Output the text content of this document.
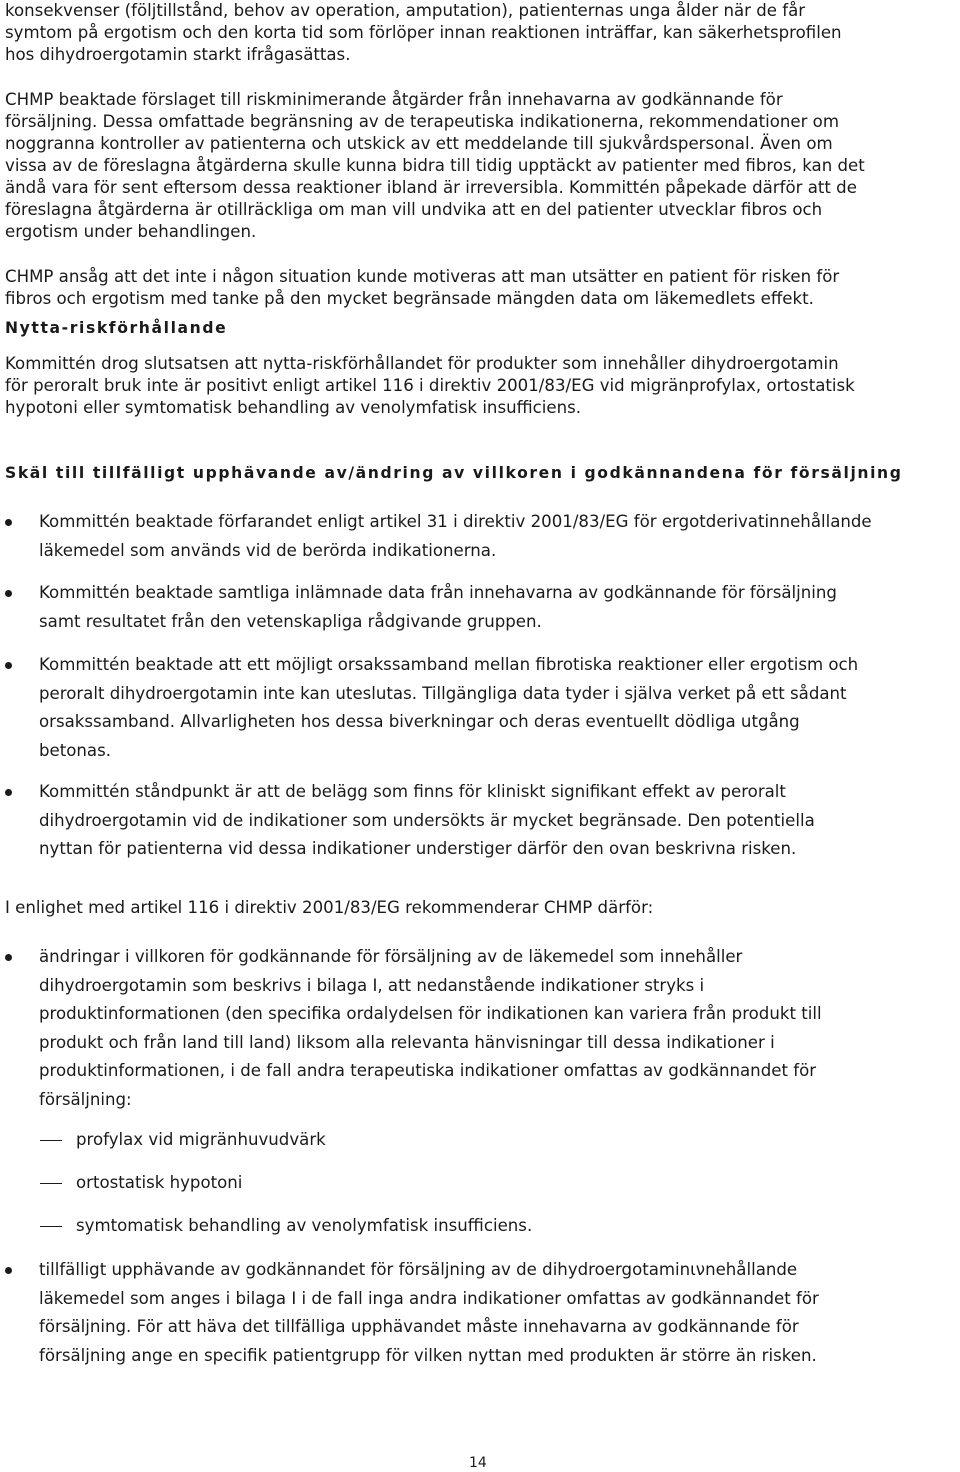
konsekvenser (följtillstånd, behov av operation, amputation), patienternas unga ålder när de får
symtom på ergotism och den korta tid som förlöper innan reaktionen inträffar, kan säkerhetsprofilen
hos dihydroergotamin starkt ifrågasättas.

CHMP beaktade förslaget till riskminimerande åtgärder från innehavarna av godkännande för
försäljning. Dessa omfattade begränsning av de terapeutiska indikationerna, rekommendationer om
noggranna kontroller av patienterna och utskick av ett meddelande till sjukvårdspersonal. Även om
vissa av de föreslagna åtgärderna skulle kunna bidra till tidig upptäckt av patienter med fibros, kan det
ändå vara för sent eftersom dessa reaktioner ibland är irreversibla. Kommittén påpekade därför att de
föreslagna åtgärderna är otillräckliga om man vill undvika att en del patienter utvecklar fibros och
ergotism under behandlingen.

CHMP ansåg att det inte i någon situation kunde motiveras att man utsätter en patient för risken för
fibros och ergotism med tanke på den mycket begränsade mängden data om läkemedlets effekt.

Nytta-riskförhållande

Kommittén drog slutsatsen att nytta-riskförhållandet för produkter som innehåller dihydroergotamin
för peroralt bruk inte är positivt enligt artikel 116 i direktiv 2001/83/EG vid migränprofylax, ortostatisk
hypotoni eller symtomatisk behandling av venolymfatisk insufficiens.

Skäl till tillfälligt upphävande av/ändring av villkoren i godkännandena för försäljning

Kommittén beaktade förfarandet enligt artikel 31 i direktiv 2001/83/EG för ergotderivatinnehållande
läkemedel som används vid de berörda indikationerna.

Kommittén beaktade samtliga inlämnade data från innehavarna av godkännande för försäljning
samt resultatet från den vetenskapliga rådgivande gruppen.

Kommittén beaktade att ett möjligt orsakssamband mellan fibrotiska reaktioner eller ergotism och
peroralt dihydroergotamin inte kan uteslutas. Tillgängliga data tyder i själva verket på ett sådant
orsakssamband. Allvarligheten hos dessa biverkningar och deras eventuellt dödliga utgång
betonas.

Kommittén ståndpunkt är att de belägg som finns för kliniskt signifikant effekt av peroralt
dihydroergotamin vid de indikationer som undersökts är mycket begränsade. Den potentiella
nyttan för patienterna vid dessa indikationer understiger därför den ovan beskrivna risken.

I enlighet med artikel 116 i direktiv 2001/83/EG rekommenderar CHMP därför:

ändringar i villkoren för godkännande för försäljning av de läkemedel som innehåller
dihydroergotamin som beskrivs i bilaga I, att nedanstående indikationer stryks i
produktinformationen (den specifika ordalydelsen för indikationen kan variera från produkt till
produkt och från land till land) liksom alla relevanta hänvisningar till dessa indikationer i
produktinformationen, i de fall andra terapeutiska indikationer omfattas av godkännandet för
försäljning:

profylax vid migränhuvudvärk

ortostatisk hypotoni

symtomatisk behandling av venolymfatisk insufficiens.

tillfälligt upphävande av godkännandet för försäljning av de dihydroergotaminινnehållande
läkemedel som anges i bilaga I i de fall inga andra indikationer omfattas av godkännandet för
försäljning. För att häva det tillfälliga upphävandet måste innehavarna av godkännande för
försäljning ange en specifik patientgrupp för vilken nyttan med produkten är större än risken.

14
